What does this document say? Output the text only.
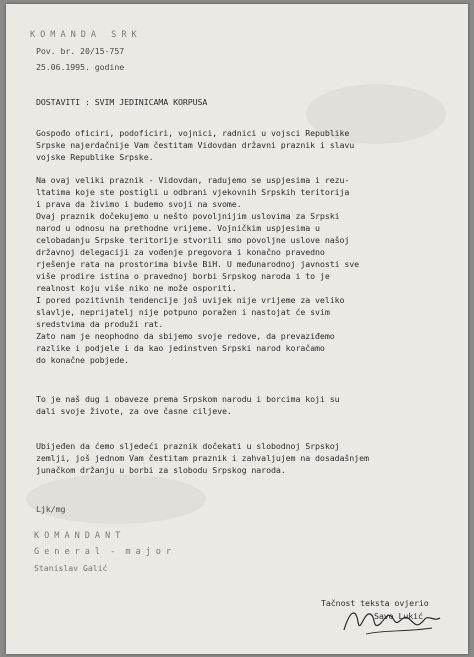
K O M A N D A   S R K
Pov. br. 20/15-757
25.06.1995. godine
DOSTAVITI : SVIM JEDINICAMA KORPUSA
Gospođo oficiri, podoficiri, vojnici, radnici u vojsci Republike
Srpske najerdačnije Vam čestitam Vidovdan državni praznik i slavu
vojske Republike Srpske.
Na ovaj veliki praznik - Vidovdan, radujemo se uspjesima i rezu-
ltatima koje ste postigli u odbrani vjekovnih Srpskih teritorija
i prava da živimo i budemo svoji na svome.
Ovaj praznik dočekujemo u nešto povoljnijim uslovima za Srpski
narod u odnosu na prethodne vrijeme. Vojničkim uspjesima u
celobadanju Srpske teritorije stvorili smo povoljne uslove našoj
državnoj delegaciji za vođenje pregovora i konačno pravedno
rješenje rata na prostorima bivše BiH. U međunarodnoj javnosti sve
više prodire istina o pravednoj borbi Srpskog naroda i to je
realnost koju više niko ne može osporiti.
I pored pozitivnih tendencije još uvijek nije vrijeme za veliko
slavlje, neprijatelj nije potpuno poražen i nastojat će svim
sredstvima da produži rat.
Zato nam je neophodno da sbijemo svoje redove, da prevaziđemo
razlike i podjele i da kao jedinstven Srpski narod koračamo
do konačne pobjede.
To je naš dug i obaveze prema Srpskom narodu i borcima koji su
dali svoje živote, za ove časne ciljeve.
Ubijeđen da ćemo sljedeći praznik dočekati u slobodnoj Srpskoj
zemlji, još jednom Vam čestitam praznik i zahvaljujem na dosadašnjem
junačkom držanju u borbi za slobodu Srpskog naroda.
Ljk/mg
K O M A N D A N T
G e n e r a l  -  m a j o r
Stanislav Galić
Tačnost teksta ovjerio
Savo Lukić
